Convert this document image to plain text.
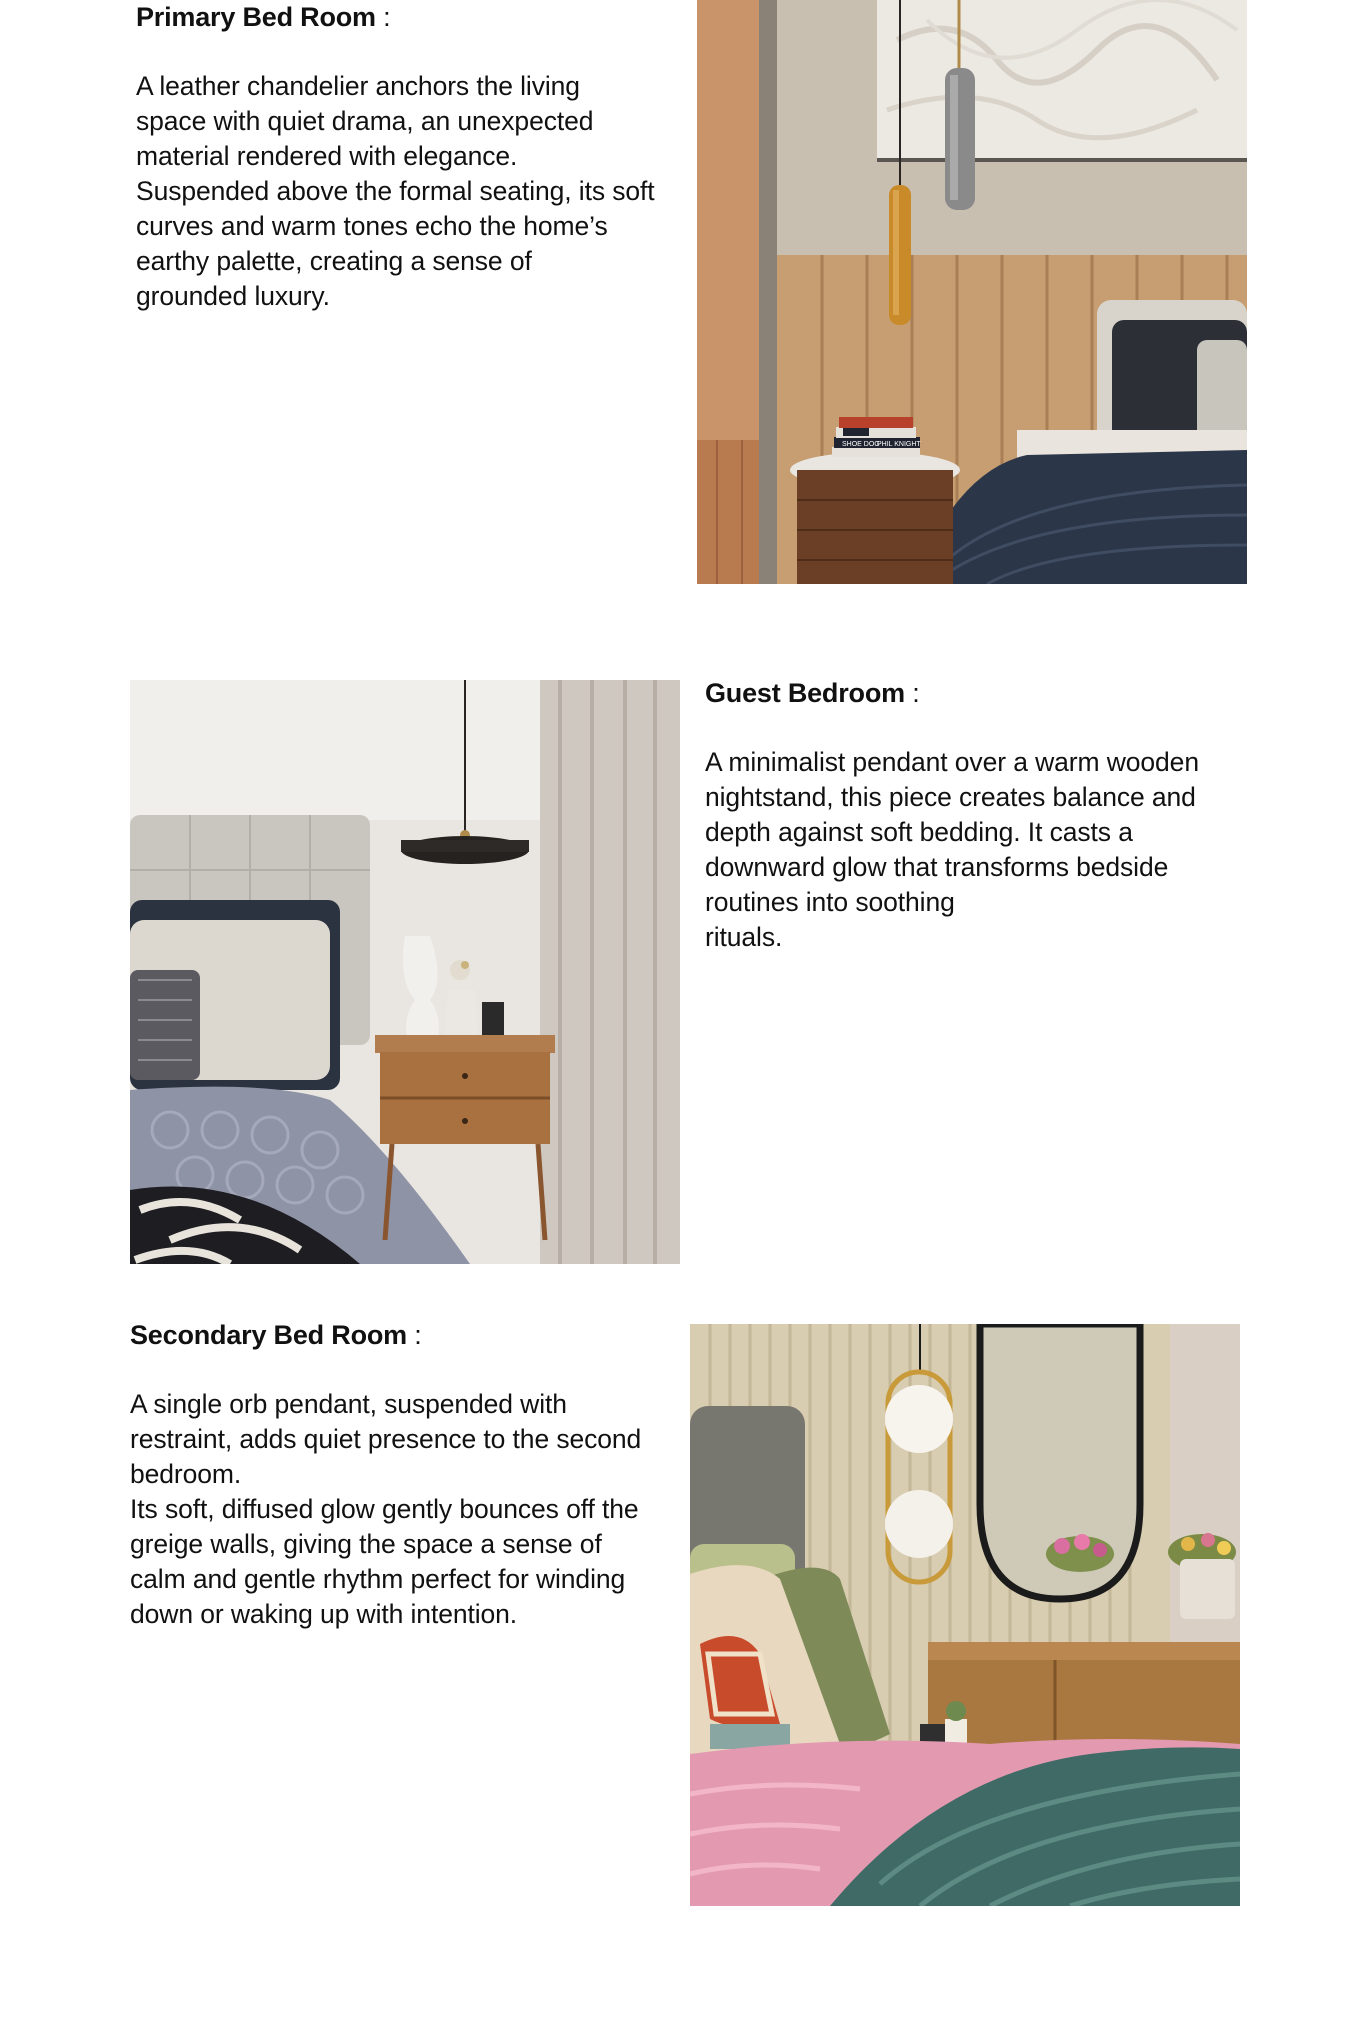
Primary Bed Room :

A leather chandelier anchors the living
space with quiet drama, an unexpected
material rendered with elegance.
Suspended above the formal seating, its soft
curves and warm tones echo the home’s
earthy palette, creating a sense of
grounded luxury.

SHOE DOG
PHIL KNIGHT
Guest Bedroom :

A minimalist pendant over a warm wooden
nightstand, this piece creates balance and
depth against soft bedding. It casts a
downward glow that transforms bedside
routines into soothing
rituals.

Secondary Bed Room :

A single orb pendant, suspended with
restraint, adds quiet presence to the second
bedroom.
Its soft, diffused glow gently bounces off the
greige walls, giving the space a sense of
calm and gentle rhythm perfect for winding
down or waking up with intention.
